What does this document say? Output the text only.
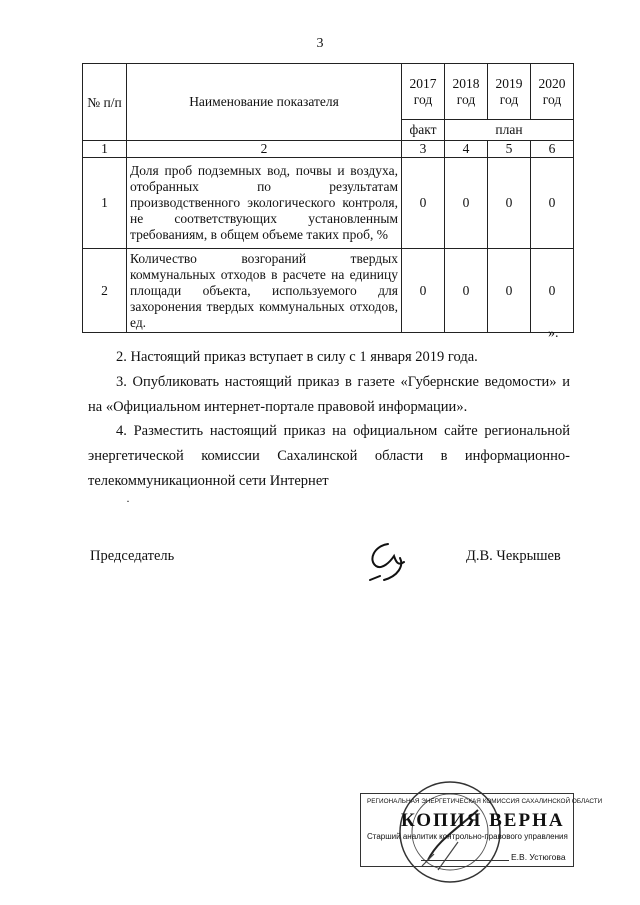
3
№ п/п	Наименование показателя	2017 год	2018 год	2019 год	2020 год
		факт	план		
1	2	3	4	5	6
1	Доля проб подземных вод, почвы и воздуха, отобранных по результатам производственного экологического контроля, не соответствующих установленным требованиям, в общем объеме таких проб, %	0	0	0	0
2	Количество возгораний твердых коммунальных отходов в расчете на единицу площади объекта, используемого для захоронения твердых коммунальных отходов, ед.	0	0	0	0
».
2. Настоящий приказ вступает в силу с 1 января 2019 года.
3. Опубликовать настоящий приказ в газете «Губернские ведомости» и на «Официальном интернет-портале правовой информации».
4. Разместить настоящий приказ на официальном сайте региональной энергетической комиссии Сахалинской области в информационно-
телекоммуникационной сети Интернет
·
Председатель	Д.В. Чекрышев
РЕГИОНАЛЬНАЯ ЭНЕРГЕТИЧЕСКАЯ КОМИССИЯ САХАЛИНСКОЙ ОБЛАСТИ
КОПИЯ ВЕРНА
Старший аналитик контрольно-правового управления
Е.В. Устюгова
